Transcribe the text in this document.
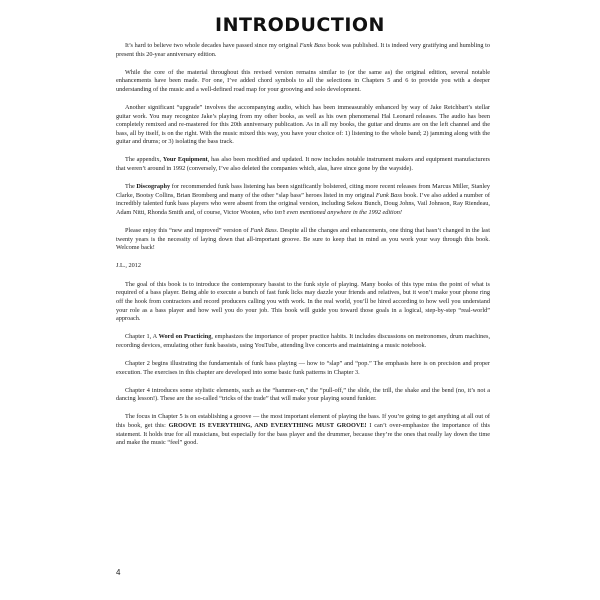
INTRODUCTION

It’s hard to believe two whole decades have passed since my original Funk Bass book was published. It is indeed very gratifying and humbling to present this 20-year anniversary edition.

While the core of the material throughout this revised version remains similar to (or the same as) the original edition, several notable enhancements have been made. For one, I’ve added chord symbols to all the selections in Chapters 5 and 6 to provide you with a deeper understanding of the music and a well-defined road map for your grooving and solo development.

Another significant “upgrade” involves the accompanying audio, which has been immeasurably enhanced by way of Jake Reichbart’s stellar guitar work. You may recognize Jake’s playing from my other books, as well as his own phenomenal Hal Leonard releases. The audio has been completely remixed and re-mastered for this 20th anniversary publication. As in all my books, the guitar and drums are on the left channel and the bass, all by itself, is on the right. With the music mixed this way, you have your choice of: 1) listening to the whole band; 2) jamming along with the guitar and drums; or 3) isolating the bass track.

The appendix, Your Equipment, has also been modified and updated. It now includes notable instrument makers and equipment manufacturers that weren’t around in 1992 (conversely, I’ve also deleted the companies which, alas, have since gone by the wayside).

The Discography for recommended funk bass listening has been significantly bolstered, citing more recent releases from Marcus Miller, Stanley Clarke, Bootsy Collins, Brian Bromberg and many of the other “slap bass” heroes listed in my original Funk Bass book. I’ve also added a number of incredibly talented funk bass players who were absent from the original version, including Sekou Bunch, Doug Johns, Vail Johnson, Ray Riendeau, Adam Nitti, Rhonda Smith and, of course, Victor Wooten, who isn’t even mentioned anywhere in the 1992 edition!

Please enjoy this “new and improved” version of Funk Bass. Despite all the changes and enhancements, one thing that hasn’t changed in the last twenty years is the necessity of laying down that all-important groove. Be sure to keep that in mind as you work your way through this book. Welcome back!

J.L., 2012

The goal of this book is to introduce the contemporary bassist to the funk style of playing. Many books of this type miss the point of what is required of a bass player. Being able to execute a bunch of fast funk licks may dazzle your friends and relatives, but it won’t make your phone ring off the hook from contractors and record producers calling you with work. In the real world, you’ll be hired according to how well you understand your role as a bass player and how well you do your job. This book will guide you toward those goals in a logical, step-by-step “real-world” approach.

Chapter 1, A Word on Practicing, emphasizes the importance of proper practice habits. It includes discussions on metronomes, drum machines, recording devices, emulating other funk bassists, using YouTube, attending live concerts and maintaining a music notebook.

Chapter 2 begins illustrating the fundamentals of funk bass playing — how to “slap” and “pop.” The emphasis here is on precision and proper execution. The exercises in this chapter are developed into some basic funk patterns in Chapter 3.

Chapter 4 introduces some stylistic elements, such as the “hammer-on,” the “pull-off,” the slide, the trill, the shake and the bend (no, it’s not a dancing lesson!). These are the so-called “tricks of the trade” that will make your playing sound funkier.

The focus in Chapter 5 is on establishing a groove — the most important element of playing the bass. If you’re going to get anything at all out of this book, get this: GROOVE IS EVERYTHING, AND EVERYTHING MUST GROOVE! I can’t over-emphasize the importance of this statement. It holds true for all musicians, but especially for the bass player and the drummer, because they’re the ones that really lay down the time and make the music “feel” good.

4
